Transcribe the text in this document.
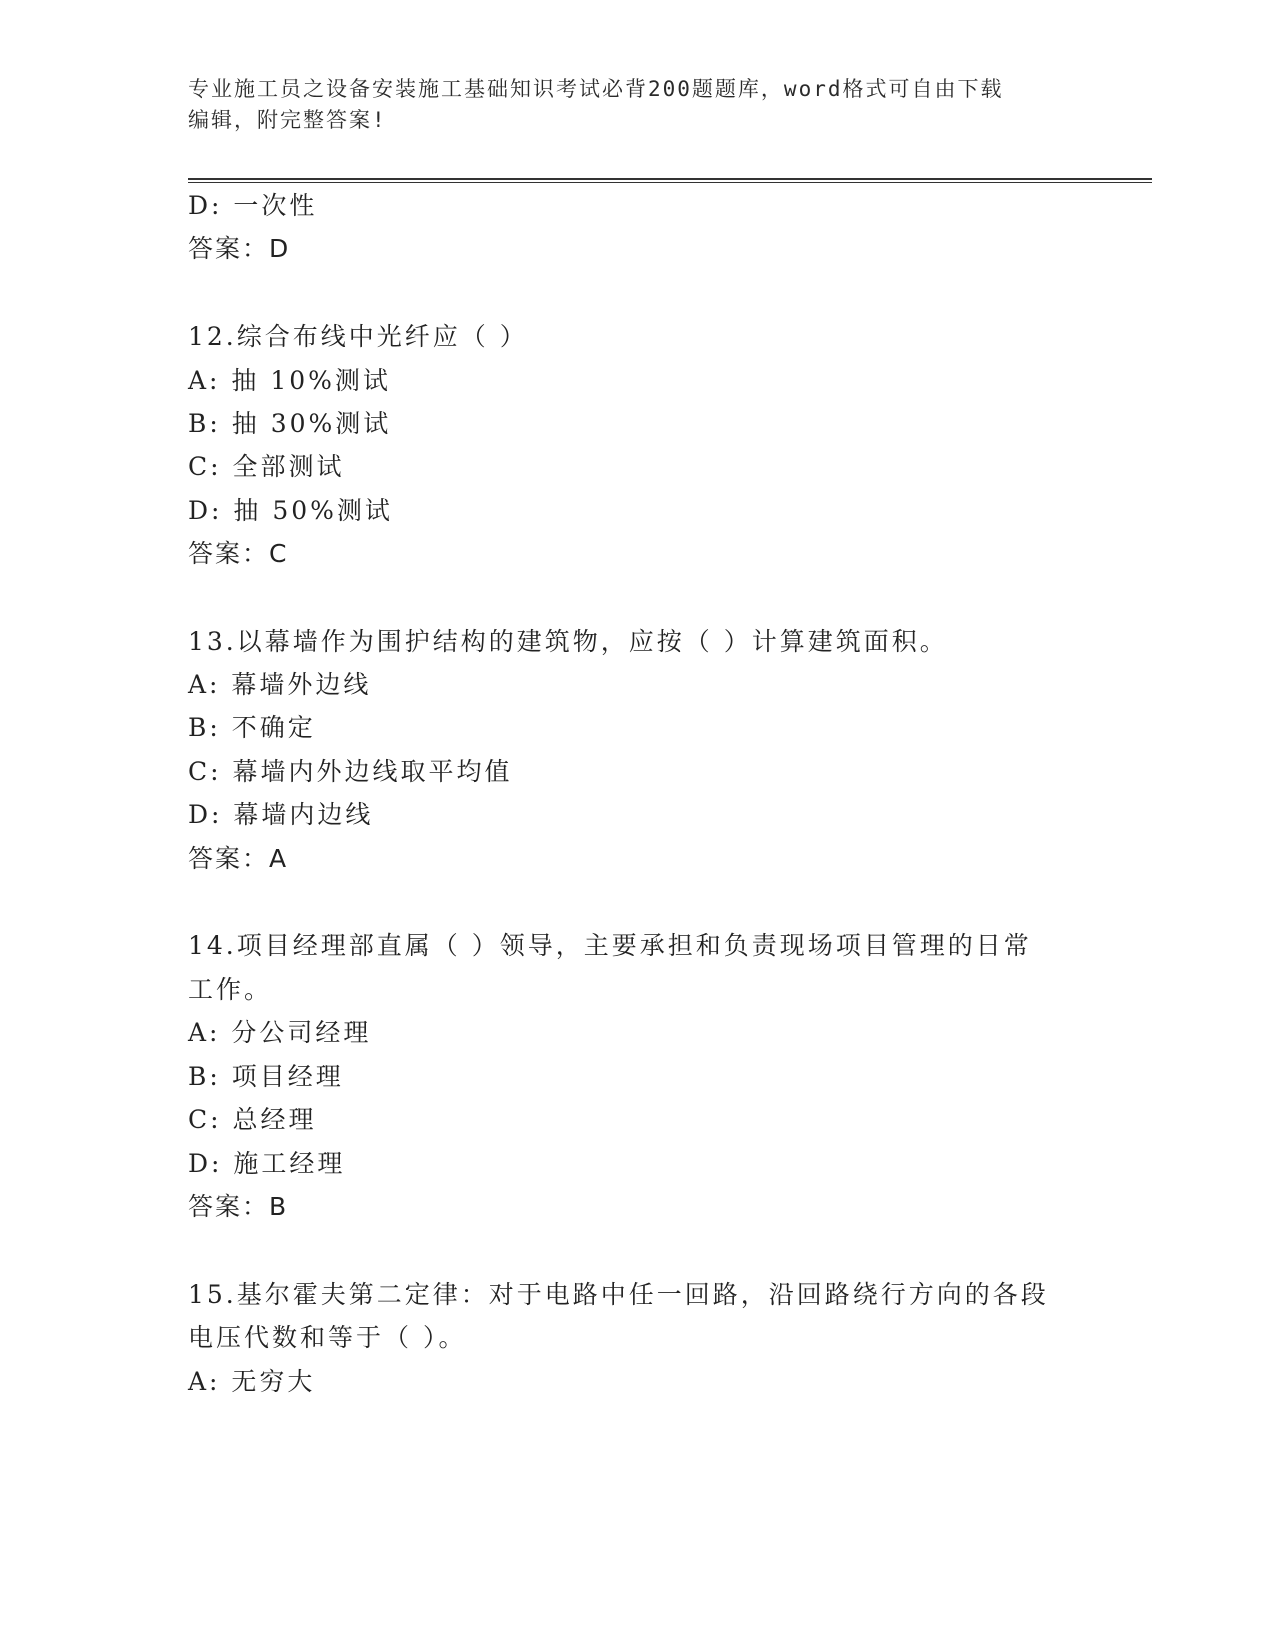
专业施工员之设备安装施工基础知识考试必背200题题库，word格式可自由下载
编辑，附完整答案!
D: 一次性
答案：D
12.综合布线中光纤应（ ）
A: 抽 10%测试
B: 抽 30%测试
C: 全部测试
D: 抽 50%测试
答案：C
13.以幕墙作为围护结构的建筑物，应按（ ）计算建筑面积。
A: 幕墙外边线
B: 不确定
C: 幕墙内外边线取平均值
D: 幕墙内边线
答案：A
14.项目经理部直属（ ）领导，主要承担和负责现场项目管理的日常
工作。
A: 分公司经理
B: 项目经理
C: 总经理
D: 施工经理
答案：B
15.基尔霍夫第二定律：对于电路中任一回路，沿回路绕行方向的各段
电压代数和等于（ ）。
A: 无穷大
